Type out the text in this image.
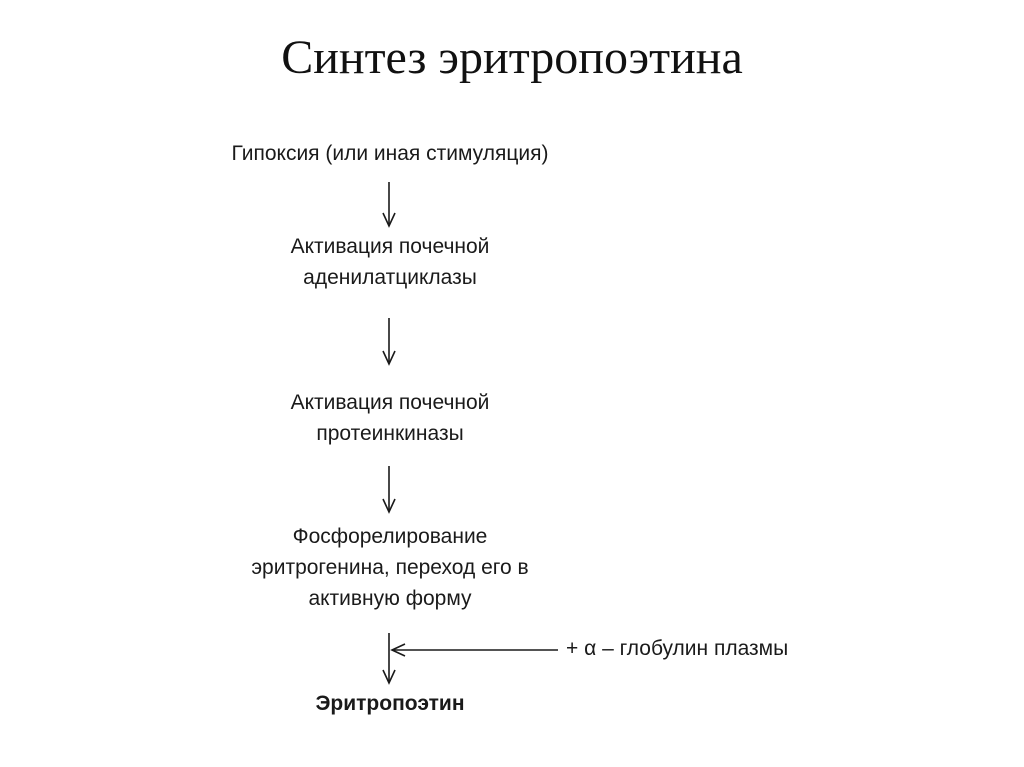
Синтез эритропоэтина
Гипоксия (или иная стимуляция)
Активация почечной
аденилатциклазы
Активация почечной
протеинкиназы
Фосфорелирование
эритрогенина, переход его в
активную форму
Эритропоэтин
+ α – глобулин плазмы
